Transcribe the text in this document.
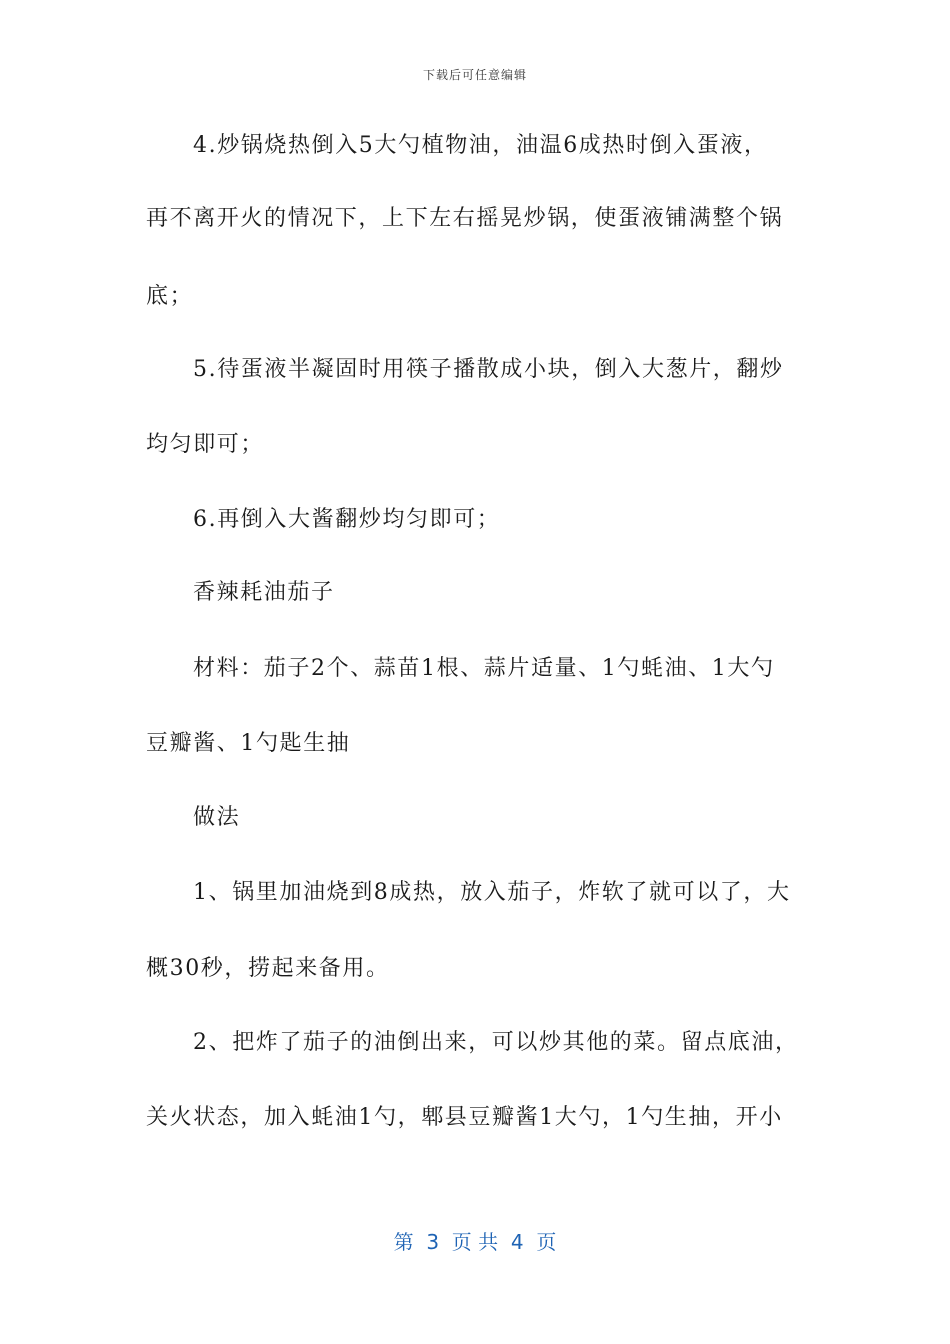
下载后可任意编辑
4.炒锅烧热倒入5大勺植物油，油温6成热时倒入蛋液，
再不离开火的情况下，上下左右摇晃炒锅，使蛋液铺满整个锅
底；
5.待蛋液半凝固时用筷子播散成小块，倒入大葱片，翻炒
均匀即可；
6.再倒入大酱翻炒均匀即可；
香辣耗油茄子
材料：茄子2个、蒜苗1根、蒜片适量、1勺蚝油、1大勺
豆瓣酱、1勺匙生抽
做法
1、锅里加油烧到8成热，放入茄子，炸软了就可以了，大
概30秒，捞起来备用。
2、把炸了茄子的油倒出来，可以炒其他的菜。留点底油，
关火状态，加入蚝油1勺，郫县豆瓣酱1大勺，1勺生抽，开小
第  3  页 共  4  页
